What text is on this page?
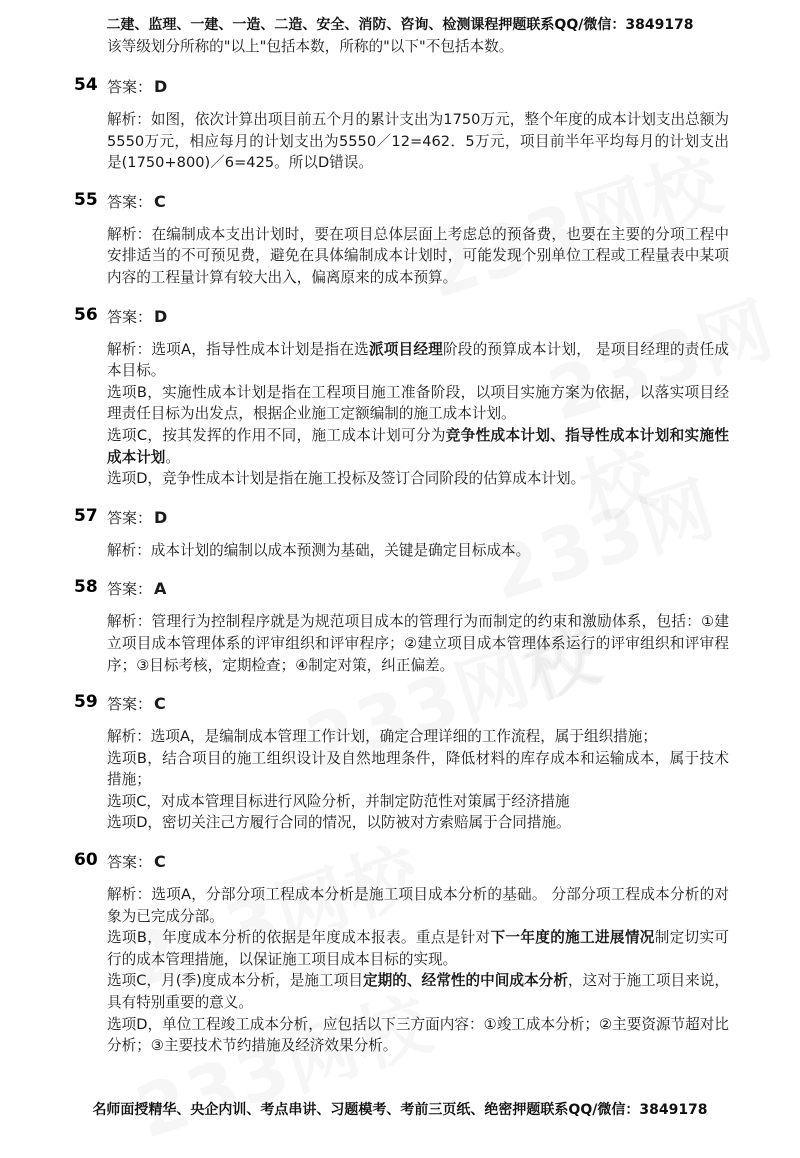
二建、监理、一建、一造、二造、安全、消防、咨询、检测课程押题联系QQ/微信：3849178
该等级划分所称的"以上"包括本数，所称的"以下"不包括本数。
54 答案： D
解析：如图，依次计算出项目前五个月的累计支出为1750万元，整个年度的成本计划支出总额为5550万元，相应每月的计划支出为5550／12=462．5万元，项目前半年平均每月的计划支出是(1750+800)／6=425。所以D错误。
55 答案： C
解析：在编制成本支出计划时，要在项目总体层面上考虑总的预备费，也要在主要的分项工程中安排适当的不可预见费，避免在具体编制成本计划时，可能发现个别单位工程或工程量表中某项内容的工程量计算有较大出入，偏离原来的成本预算。
56 答案： D
解析：选项A，指导性成本计划是指在选派项目经理阶段的预算成本计划， 是项目经理的责任成本目标。
选项B，实施性成本计划是指在工程项目施工准备阶段，以项目实施方案为依据，以落实项目经理责任目标为出发点，根据企业施工定额编制的施工成本计划。
选项C，按其发挥的作用不同，施工成本计划可分为竞争性成本计划、指导性成本计划和实施性成本计划。
选项D，竞争性成本计划是指在施工投标及签订合同阶段的估算成本计划。
57 答案： D
解析：成本计划的编制以成本预测为基础，关键是确定目标成本。
58 答案： A
解析：管理行为控制程序就是为规范项目成本的管理行为而制定的约束和激励体系，包括：①建立项目成本管理体系的评审组织和评审程序；②建立项目成本管理体系运行的评审组织和评审程序；③目标考核，定期检查；④制定对策，纠正偏差。
59 答案： C
解析：选项A，是编制成本管理工作计划，确定合理详细的工作流程，属于组织措施；
选项B，结合项目的施工组织设计及自然地理条件，降低材料的库存成本和运输成本，属于技术措施；
选项C，对成本管理目标进行风险分析，并制定防范性对策属于经济措施
选项D，密切关注己方履行合同的情况，以防被对方索赔属于合同措施。
60 答案： C
解析：选项A，分部分项工程成本分析是施工项目成本分析的基础。 分部分项工程成本分析的对象为已完成分部。
选项B，年度成本分析的依据是年度成本报表。重点是针对下一年度的施工进展情况制定切实可行的成本管理措施，以保证施工项目成本目标的实现。
选项C，月(季)度成本分析，是施工项目定期的、经常性的中间成本分析，这对于施工项目来说，具有特别重要的意义。
选项D，单位工程竣工成本分析，应包括以下三方面内容：①竣工成本分析；②主要资源节超对比分析；③主要技术节约措施及经济效果分析。
名师面授精华、央企内训、考点串讲、习题模考、考前三页纸、绝密押题联系QQ/微信：3849178
